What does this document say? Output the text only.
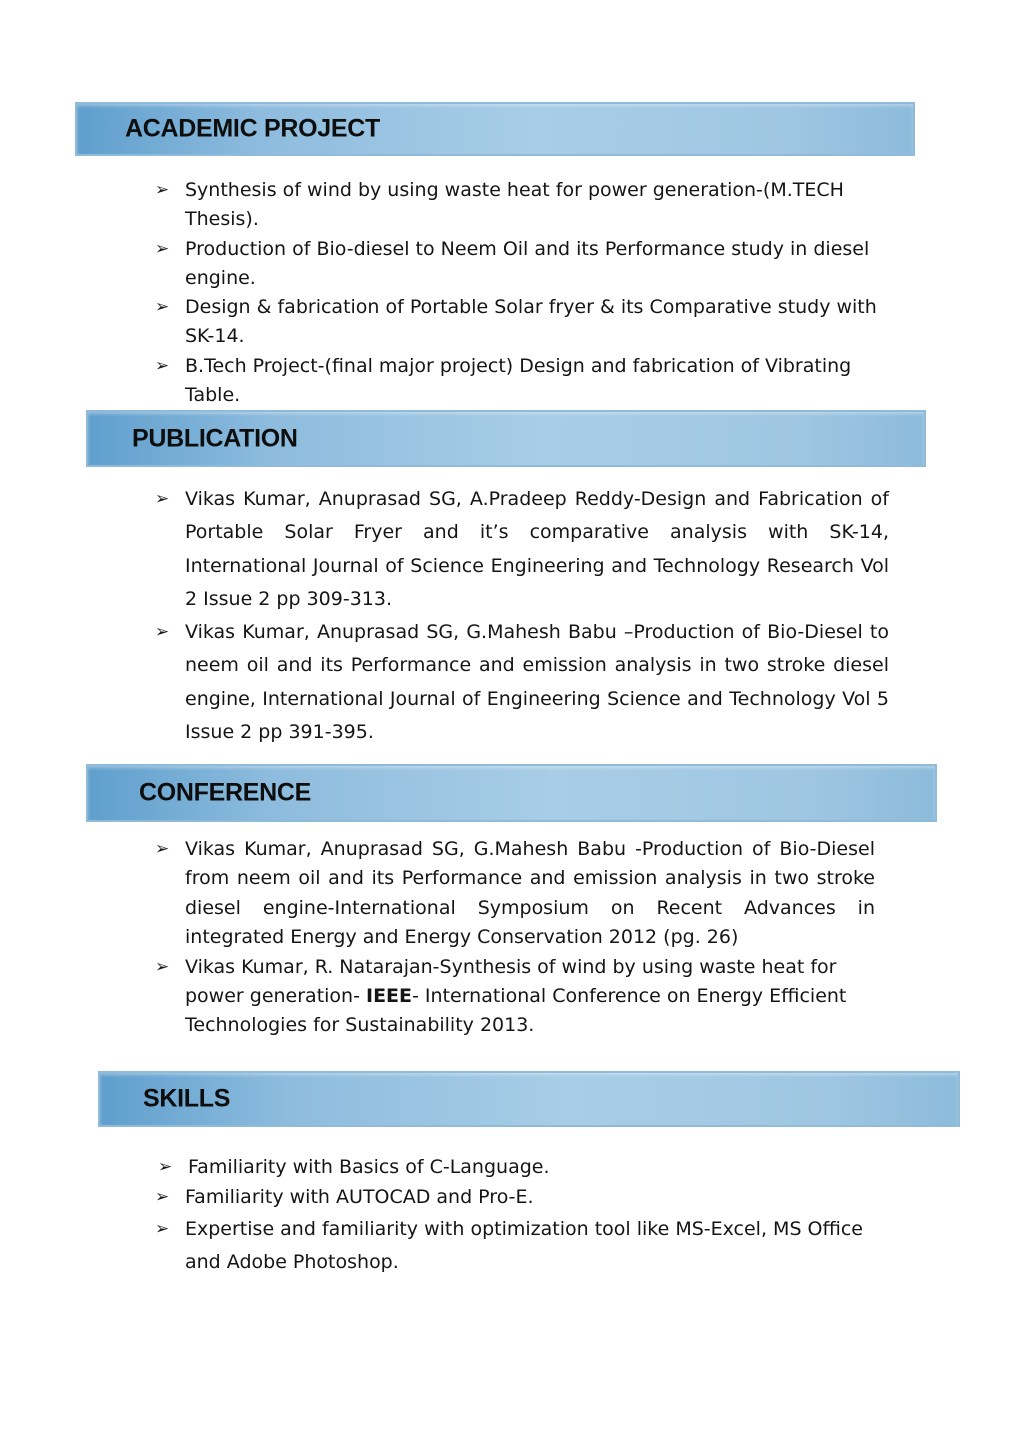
ACADEMIC PROJECT
➢ Synthesis of wind by using waste heat for power generation-(M.TECH Thesis).
➢ Production of Bio-diesel to Neem Oil and its Performance study in diesel engine.
➢ Design & fabrication of Portable Solar fryer & its Comparative study with SK-14.
➢ B.Tech Project-(final major project) Design and fabrication of Vibrating Table.
PUBLICATION
➢ Vikas Kumar, Anuprasad SG, A.Pradeep Reddy-Design and Fabrication of Portable Solar Fryer and it’s comparative analysis with SK-14, International Journal of Science Engineering and Technology Research Vol 2 Issue 2 pp 309-313.
➢ Vikas Kumar, Anuprasad SG, G.Mahesh Babu –Production of Bio-Diesel to neem oil and its Performance and emission analysis in two stroke diesel engine, International Journal of Engineering Science and Technology Vol 5 Issue 2 pp 391-395.
CONFERENCE
➢ Vikas Kumar, Anuprasad SG, G.Mahesh Babu -Production of Bio-Diesel from neem oil and its Performance and emission analysis in two stroke diesel engine-International Symposium on Recent Advances in integrated Energy and Energy Conservation 2012 (pg. 26)
➢ Vikas Kumar, R. Natarajan-Synthesis of wind by using waste heat for power generation- IEEE- International Conference on Energy Efficient Technologies for Sustainability 2013.
SKILLS
➢ Familiarity with Basics of C-Language.
➢ Familiarity with AUTOCAD and Pro-E.
➢ Expertise and familiarity with optimization tool like MS-Excel, MS Office and Adobe Photoshop.
